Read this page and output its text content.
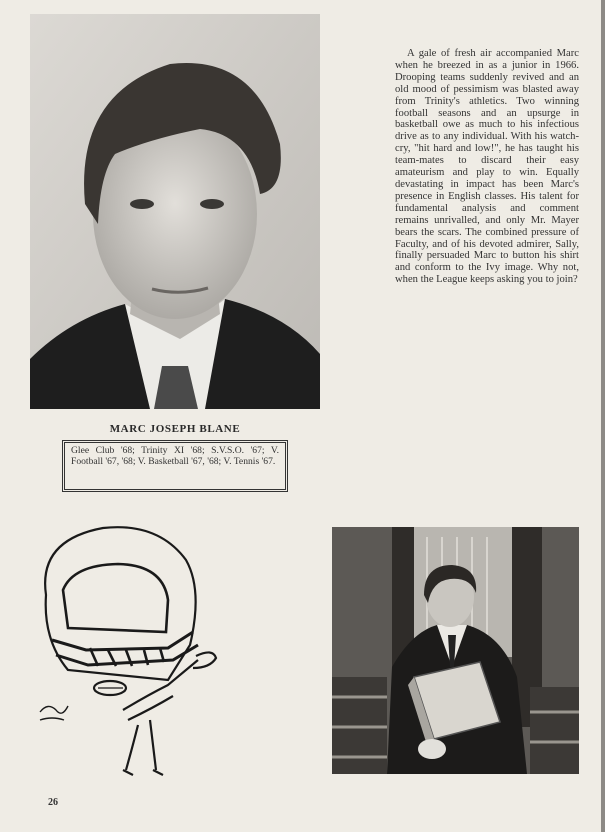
MARC JOSEPH BLANE
Glee Club '68; Trinity XI '68; S.V.S.O. '67; V. Football '67, '68; V. Basketball '67, '68; V. Tennis '67.
A gale of fresh air accompanied Marc when he breezed in as a junior in 1966. Drooping teams suddenly revived and an old mood of pessimism was blasted away from Trinity's athletics. Two winning football seasons and an upsurge in basketball owe as much to his infectious drive as to any individual. With his watchcry, "hit hard and low!", he has taught his team-mates to discard their easy amateurism and play to win. Equally devastating in impact has been Marc's presence in English classes. His talent for fundamental analysis and comment remains unrivalled, and only Mr. Mayer bears the scars. The combined pressure of Faculty, and of his devoted admirer, Sally, finally persuaded Marc to button his shirt and conform to the Ivy image. Why not, when the League keeps asking you to join?
26
